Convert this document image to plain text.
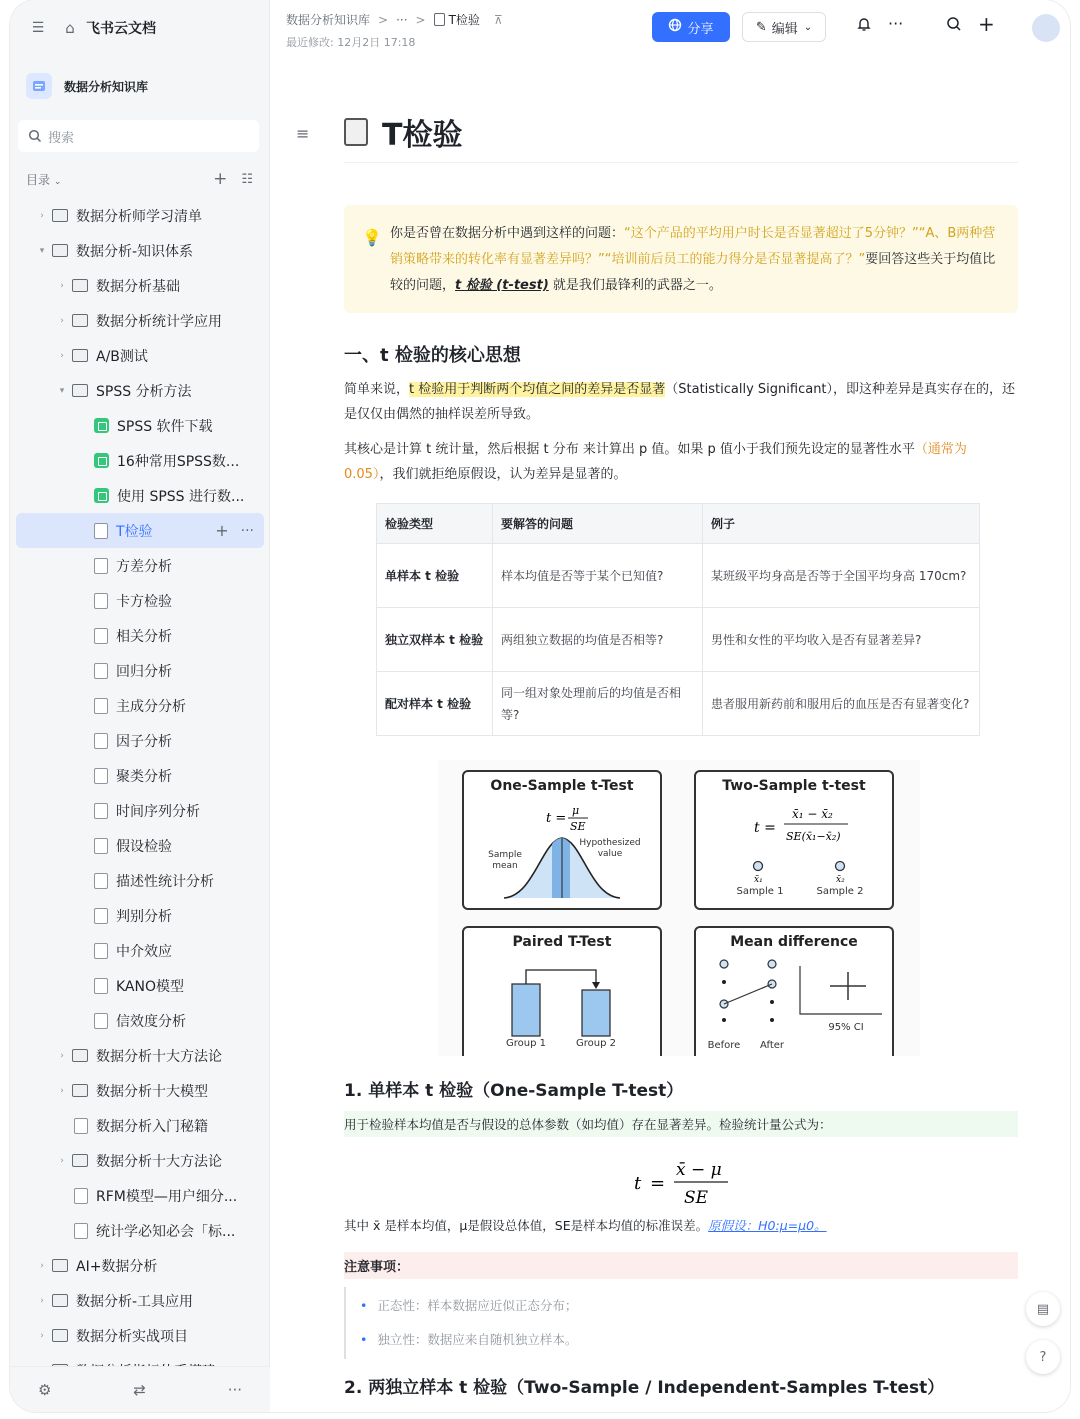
☰	⌂ 飞书云文档
数据分析知识库
搜索
目录 ⌄	+ ☷
›	数据分析师学习清单
▾ 数据分析-知识体系
›	数据分析基础
›	数据分析统计学应用
›	A/B测试
▾ SPSS 分析方法
SPSS 软件下载
16种常用SPSS数...
使用 SPSS 进行数...
T检验	+ ···
方差分析
卡方检验
相关分析
回归分析
主成分分析
因子分析
聚类分析
时间序列分析
假设检验
描述性统计分析
判别分析
中介效应
KANO模型
信效度分析
›	数据分析十大方法论
›	数据分析十大模型
数据分析入门秘籍
›	数据分析十大方法论
RFM模型—用户细分...
统计学必知必会「标...
›	AI+数据分析
›	数据分析-工具应用
›	数据分析实战项目
⚙	⇄	···
数据分析知识库 > ··· > T检验 ⊼
最近修改: 12月2日 17:18
分享	✎ 编辑 ⌄	···	+
≡ T检验
💡 你是否曾在数据分析中遇到这样的问题：“这个产品的平均用户时长是否显著超过了5分钟？”“A、B两种营销策略带来的转化率有显著差异吗？”“培训前后员工的能力得分是否显著提高了？”要回答这些关于均值比较的问题，t 检验 (t-test) 就是我们最锋利的武器之一。
一、t 检验的核心思想

简单来说，t 检验用于判断两个均值之间的差异是否显著（Statistically Significant），即这种差异是真实存在的，还是仅仅由偶然的抽样误差所导致。

其核心是计算 t 统计量，然后根据 t 分布 来计算出 p 值。如果 p 值小于我们预先设定的显著性水平（通常为 0.05），我们就拒绝原假设，认为差异是显著的。

检验类型	要解答的问题	例子
单样本 t 检验	样本均值是否等于某个已知值?	某班级平均身高是否等于全国平均身高 170cm?
独立双样本 t 检验	两组独立数据的均值是否相等?	男性和女性的平均收入是否有显著差异?
配对样本 t 检验	同一组对象处理前后的均值是否相等?	患者服用新药前和服用后的血压是否有显著变化?
One-Sample t-Test
t =
μ
SE
Sample mean
Hypothesized value
Two-Sample t-test
t =
x̄₁ − x̄₂
SE(x̄₁−x̄₂)
x̄₁	x̄₂
Sample 1	Sample 2
Paired T-Test
Group 1	Group 2
Mean difference
95% CI
Before	After
1. 单样本 t 检验（One-Sample T-test）
用于检验样本均值是否与假设的总体参数（如均值）存在显著差异。检验统计量公式为：
t =
x̄ − μ
SE

其中 x̄ 是样本均值，μ是假设总体值，SE是样本均值的标准误差。原假设：H0:μ=μ0。

注意事项：
• 正态性：样本数据应近似正态分布；
• 独立性：数据应来自随机独立样本。
2. 两独立样本 t 检验（Two-Sample / Independent-Samples T-test）
▤
?
